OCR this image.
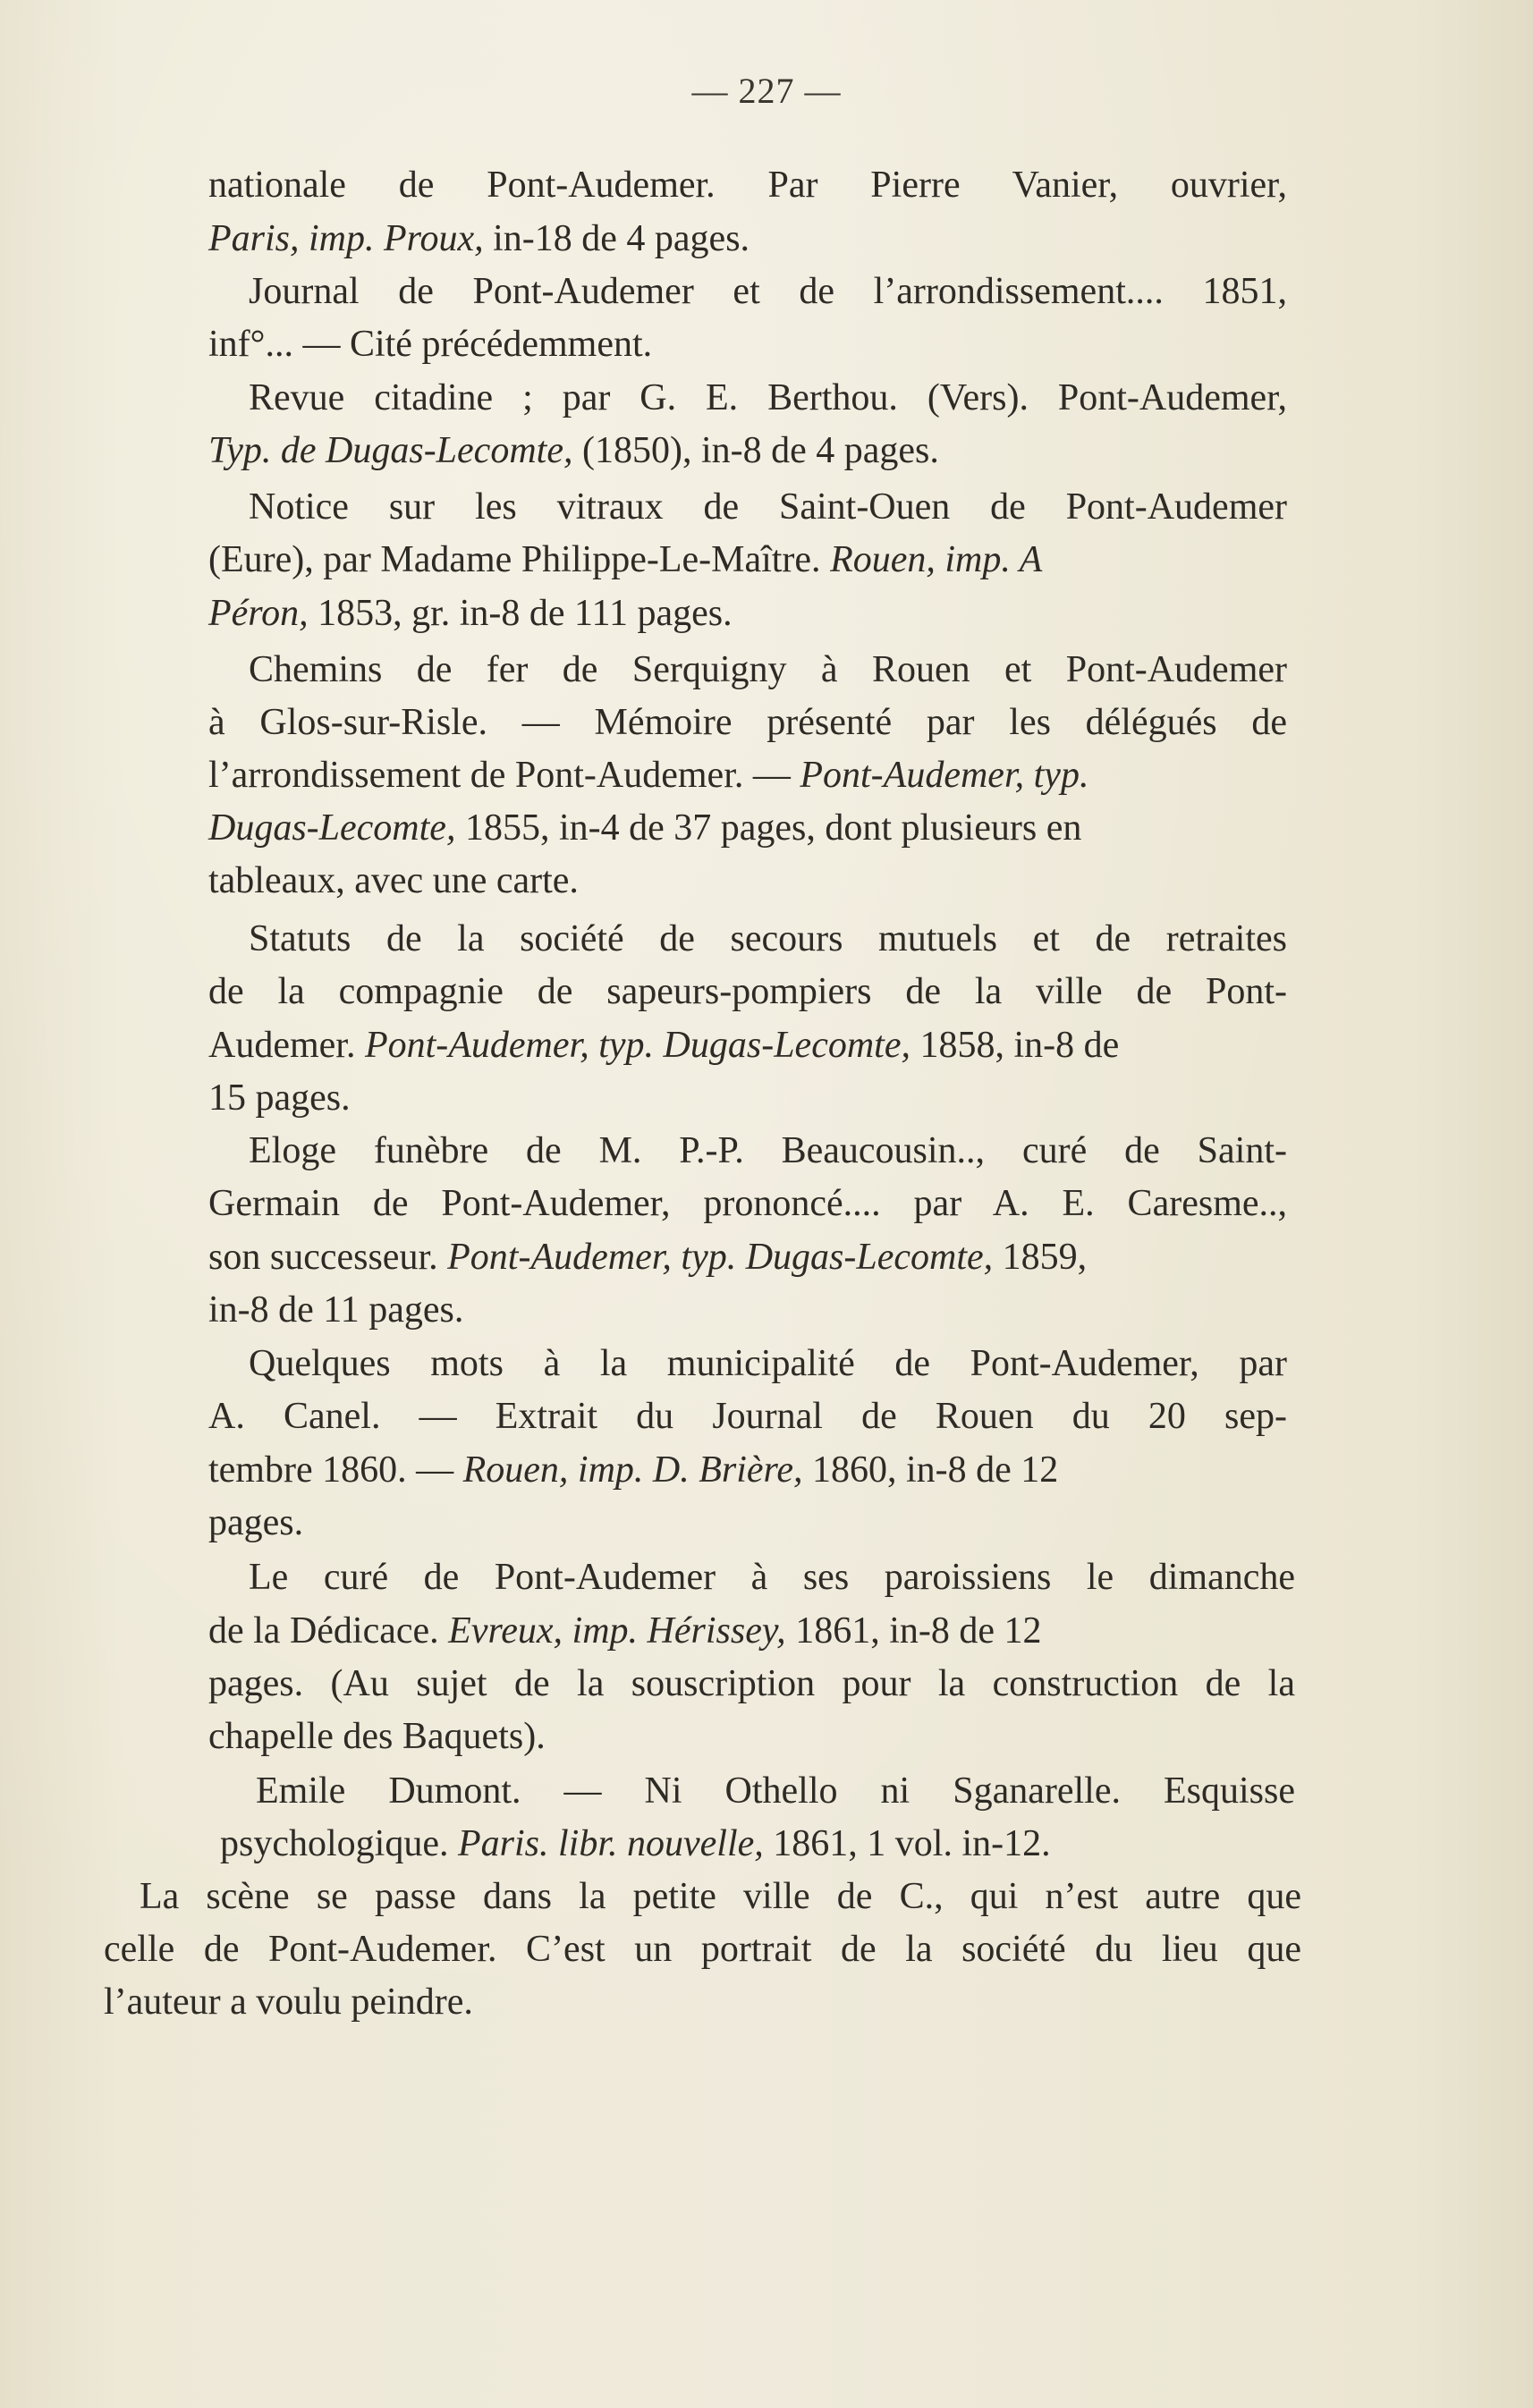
— 227 —
nationale de Pont-Audemer. Par Pierre Vanier, ouvrier,
Paris, imp. Proux, in-18 de 4 pages.
Journal de Pont-Audemer et de l’arrondissement.... 1851,
inf°... — Cité précédemment.
Revue citadine ; par G. E. Berthou. (Vers). Pont-Audemer,
Typ. de Dugas-Lecomte, (1850), in-8 de 4 pages.
Notice sur les vitraux de Saint-Ouen de Pont-Audemer
(Eure), par Madame Philippe-Le-Maître. Rouen, imp. A
Péron, 1853, gr. in-8 de 111 pages.
Chemins de fer de Serquigny à Rouen et Pont-Audemer
à Glos-sur-Risle. — Mémoire présenté par les délégués de
l’arrondissement de Pont-Audemer. — Pont-Audemer, typ.
Dugas-Lecomte, 1855, in-4 de 37 pages, dont plusieurs en
tableaux, avec une carte.
Statuts de la société de secours mutuels et de retraites
de la compagnie de sapeurs-pompiers de la ville de Pont-
Audemer. Pont-Audemer, typ. Dugas-Lecomte, 1858, in-8 de
15 pages.
Eloge funèbre de M. P.-P. Beaucousin.., curé de Saint-
Germain de Pont-Audemer, prononcé.... par A. E. Caresme..,
son successeur. Pont-Audemer, typ. Dugas-Lecomte, 1859,
in-8 de 11 pages.
Quelques mots à la municipalité de Pont-Audemer, par
A. Canel. — Extrait du Journal de Rouen du 20 sep-
tembre 1860. — Rouen, imp. D. Brière, 1860, in-8 de 12
pages.
Le curé de Pont-Audemer à ses paroissiens le dimanche
de la Dédicace. Evreux, imp. Hérissey, 1861, in-8 de 12
pages. (Au sujet de la souscription pour la construction de la
chapelle des Baquets).
Emile Dumont. — Ni Othello ni Sganarelle. Esquisse
psychologique. Paris. libr. nouvelle, 1861, 1 vol. in-12.
La scène se passe dans la petite ville de C., qui n’est autre que
celle de Pont-Audemer. C’est un portrait de la société du lieu que
l’auteur a voulu peindre.
